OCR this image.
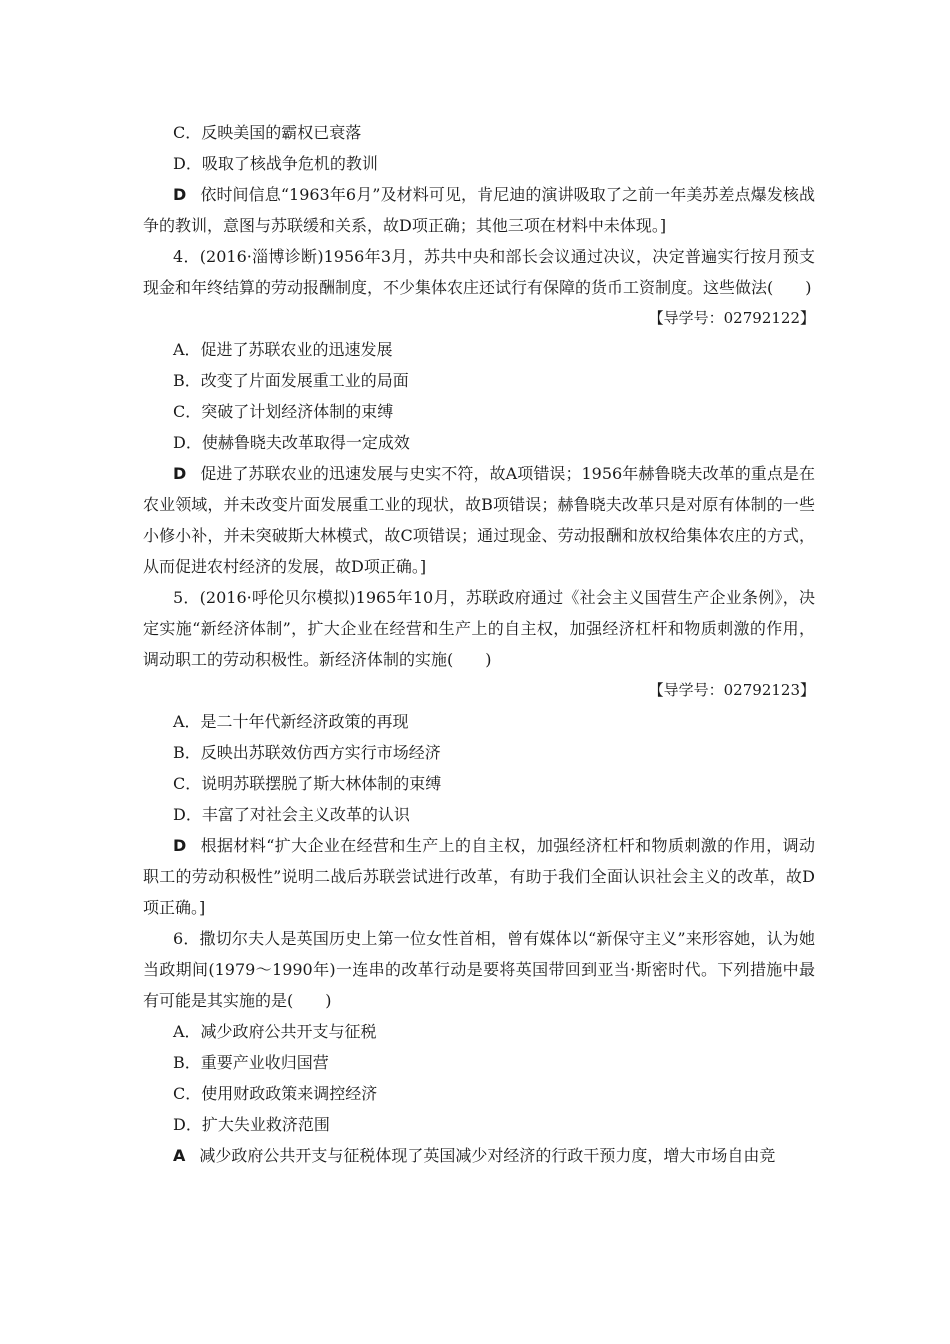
C．反映美国的霸权已衰落

D．吸取了核战争危机的教训

D 依时间信息“1963年6月”及材料可见，肯尼迪的演讲吸取了之前一年美苏差点爆发核战争的教训，意图与苏联缓和关系，故D项正确；其他三项在材料中未体现。]

4．(2016·淄博诊断)1956年3月，苏共中央和部长会议通过决议，决定普遍实行按月预支现金和年终结算的劳动报酬制度，不少集体农庄还试行有保障的货币工资制度。这些做法(　　)

【导学号：02792122】

A．促进了苏联农业的迅速发展

B．改变了片面发展重工业的局面

C．突破了计划经济体制的束缚

D．使赫鲁晓夫改革取得一定成效

D 促进了苏联农业的迅速发展与史实不符，故A项错误；1956年赫鲁晓夫改革的重点是在农业领域，并未改变片面发展重工业的现状，故B项错误；赫鲁晓夫改革只是对原有体制的一些小修小补，并未突破斯大林模式，故C项错误；通过现金、劳动报酬和放权给集体农庄的方式，从而促进农村经济的发展，故D项正确。]

5．(2016·呼伦贝尔模拟)1965年10月，苏联政府通过《社会主义国营生产企业条例》，决定实施“新经济体制”，扩大企业在经营和生产上的自主权，加强经济杠杆和物质刺激的作用，调动职工的劳动积极性。新经济体制的实施(　　)

【导学号：02792123】

A．是二十年代新经济政策的再现

B．反映出苏联效仿西方实行市场经济

C．说明苏联摆脱了斯大林体制的束缚

D．丰富了对社会主义改革的认识

D 根据材料“扩大企业在经营和生产上的自主权，加强经济杠杆和物质刺激的作用，调动职工的劳动积极性”说明二战后苏联尝试进行改革，有助于我们全面认识社会主义的改革，故D项正确。]

6．撒切尔夫人是英国历史上第一位女性首相，曾有媒体以“新保守主义”来形容她，认为她当政期间(1979～1990年)一连串的改革行动是要将英国带回到亚当·斯密时代。下列措施中最有可能是其实施的是(　　)

A．减少政府公共开支与征税

B．重要产业收归国营

C．使用财政政策来调控经济

D．扩大失业救济范围

A 减少政府公共开支与征税体现了英国减少对经济的行政干预力度，增大市场自由竞
